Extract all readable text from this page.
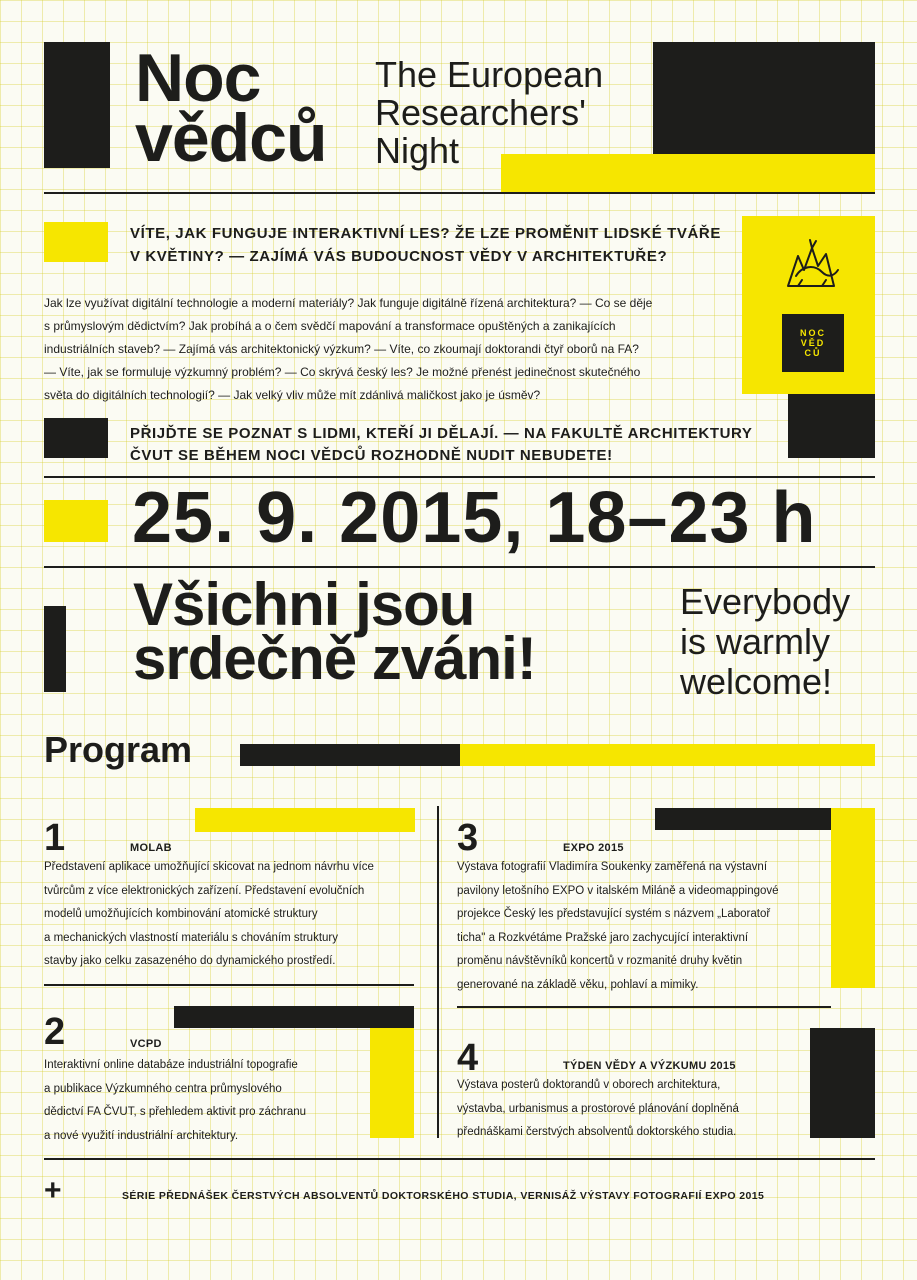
Noc
vědců
The European
Researchers'
Night
VÍTE, JAK FUNGUJE INTERAKTIVNÍ LES? ŽE LZE PROMĚNIT LIDSKÉ TVÁŘE
V KVĚTINY? — ZAJÍMÁ VÁS BUDOUCNOST VĚDY V ARCHITEKTUŘE?
Jak lze využívat digitální technologie a moderní materiály? Jak funguje digitálně řízená architektura? — Co se děje
s průmyslovým dědictvím? Jak probíhá a o čem svědčí mapování a transformace opuštěných a zanikajících
industriálních staveb? — Zajímá vás architektonický výzkum? — Víte, co zkoumají doktorandi čtyř oborů na FA?
— Víte, jak se formuluje výzkumný problém? — Co skrývá český les? Je možné přenést jedinečnost skutečného
světa do digitálních technologií? — Jak velký vliv může mít zdánlivá maličkost jako je úsměv?
NOC
VĚD
CŮ
PŘIJĎTE SE POZNAT S LIDMI, KTEŘÍ JI DĚLAJÍ. — NA FAKULTĚ ARCHITEKTURY
ČVUT SE BĚHEM NOCI VĚDCŮ ROZHODNĚ NUDIT NEBUDETE!
25. 9. 2015, 18–23 h
Všichni jsou
srdečně zváni!
Everybody
is warmly
welcome!
Program
1	MOLAB
Představení aplikace umožňující skicovat na jednom návrhu více
tvůrcům z více elektronických zařízení. Představení evolučních
modelů umožňujících kombinování atomické struktury
a mechanických vlastností materiálu s chováním struktury
stavby jako celku zasazeného do dynamického prostředí.
2	VCPD
Interaktivní online databáze industriální topografie
a publikace Výzkumného centra průmyslového
dědictví FA ČVUT, s přehledem aktivit pro záchranu
a nové využití industriální architektury.
3	EXPO 2015
Výstava fotografií Vladimíra Soukenky zaměřená na výstavní
pavilony letošního EXPO v italském Miláně a videomappingové
projekce Český les představující systém s názvem „Laboratoř
ticha" a Rozkvétáme Pražské jaro zachycující interaktivní
proměnu návštěvníků koncertů v rozmanité druhy květin
generované na základě věku, pohlaví a mimiky.
4	TÝDEN VĚDY A VÝZKUMU 2015
Výstava posterů doktorandů v oborech architektura,
výstavba, urbanismus a prostorové plánování doplněná
přednáškami čerstvých absolventů doktorského studia.
+	SÉRIE PŘEDNÁŠEK ČERSTVÝCH ABSOLVENTŮ DOKTORSKÉHO STUDIA, VERNISÁŽ VÝSTAVY FOTOGRAFIÍ EXPO 2015
